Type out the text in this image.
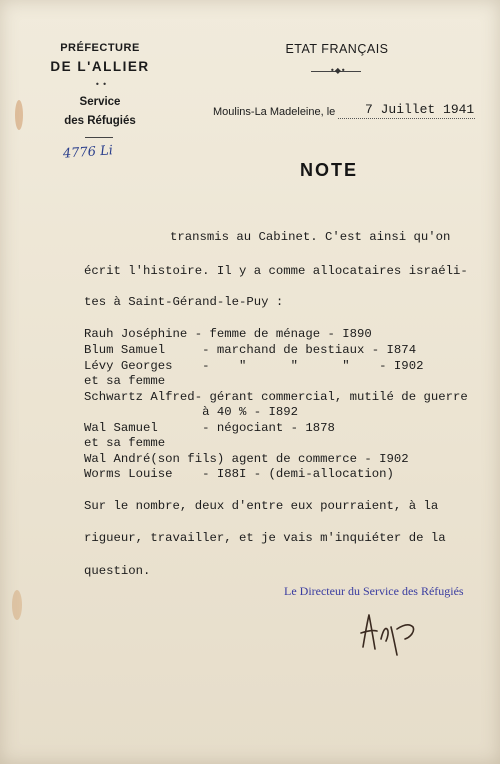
PRÉFECTURE
DE L'ALLIER
• •
Service
des Réfugiés
4776 Li
ETAT FRANÇAIS
•◆•
Moulins-La Madeleine, le	7 Juillet 1941
NOTE
transmis au Cabinet. C'est ainsi qu'on
écrit l'histoire. Il y a comme allocataires israéli-
tes à Saint-Gérand-le-Puy :
Rauh Joséphine - femme de ménage - I890
Blum Samuel     - marchand de bestiaux - I874
Lévy Georges    -    "      "      "    - I902
et sa femme
Schwartz Alfred- gérant commercial, mutilé de guerre
à 40 % - I892
Wal Samuel      - négociant - 1878
et sa femme
Wal André(son fils) agent de commerce - I902
Worms Louise    - I88I - (demi-allocation)
Sur le nombre, deux d'entre eux pourraient, à la
rigueur, travailler, et je vais m'inquiéter de la
question.
Le Directeur du Service des Réfugiés
